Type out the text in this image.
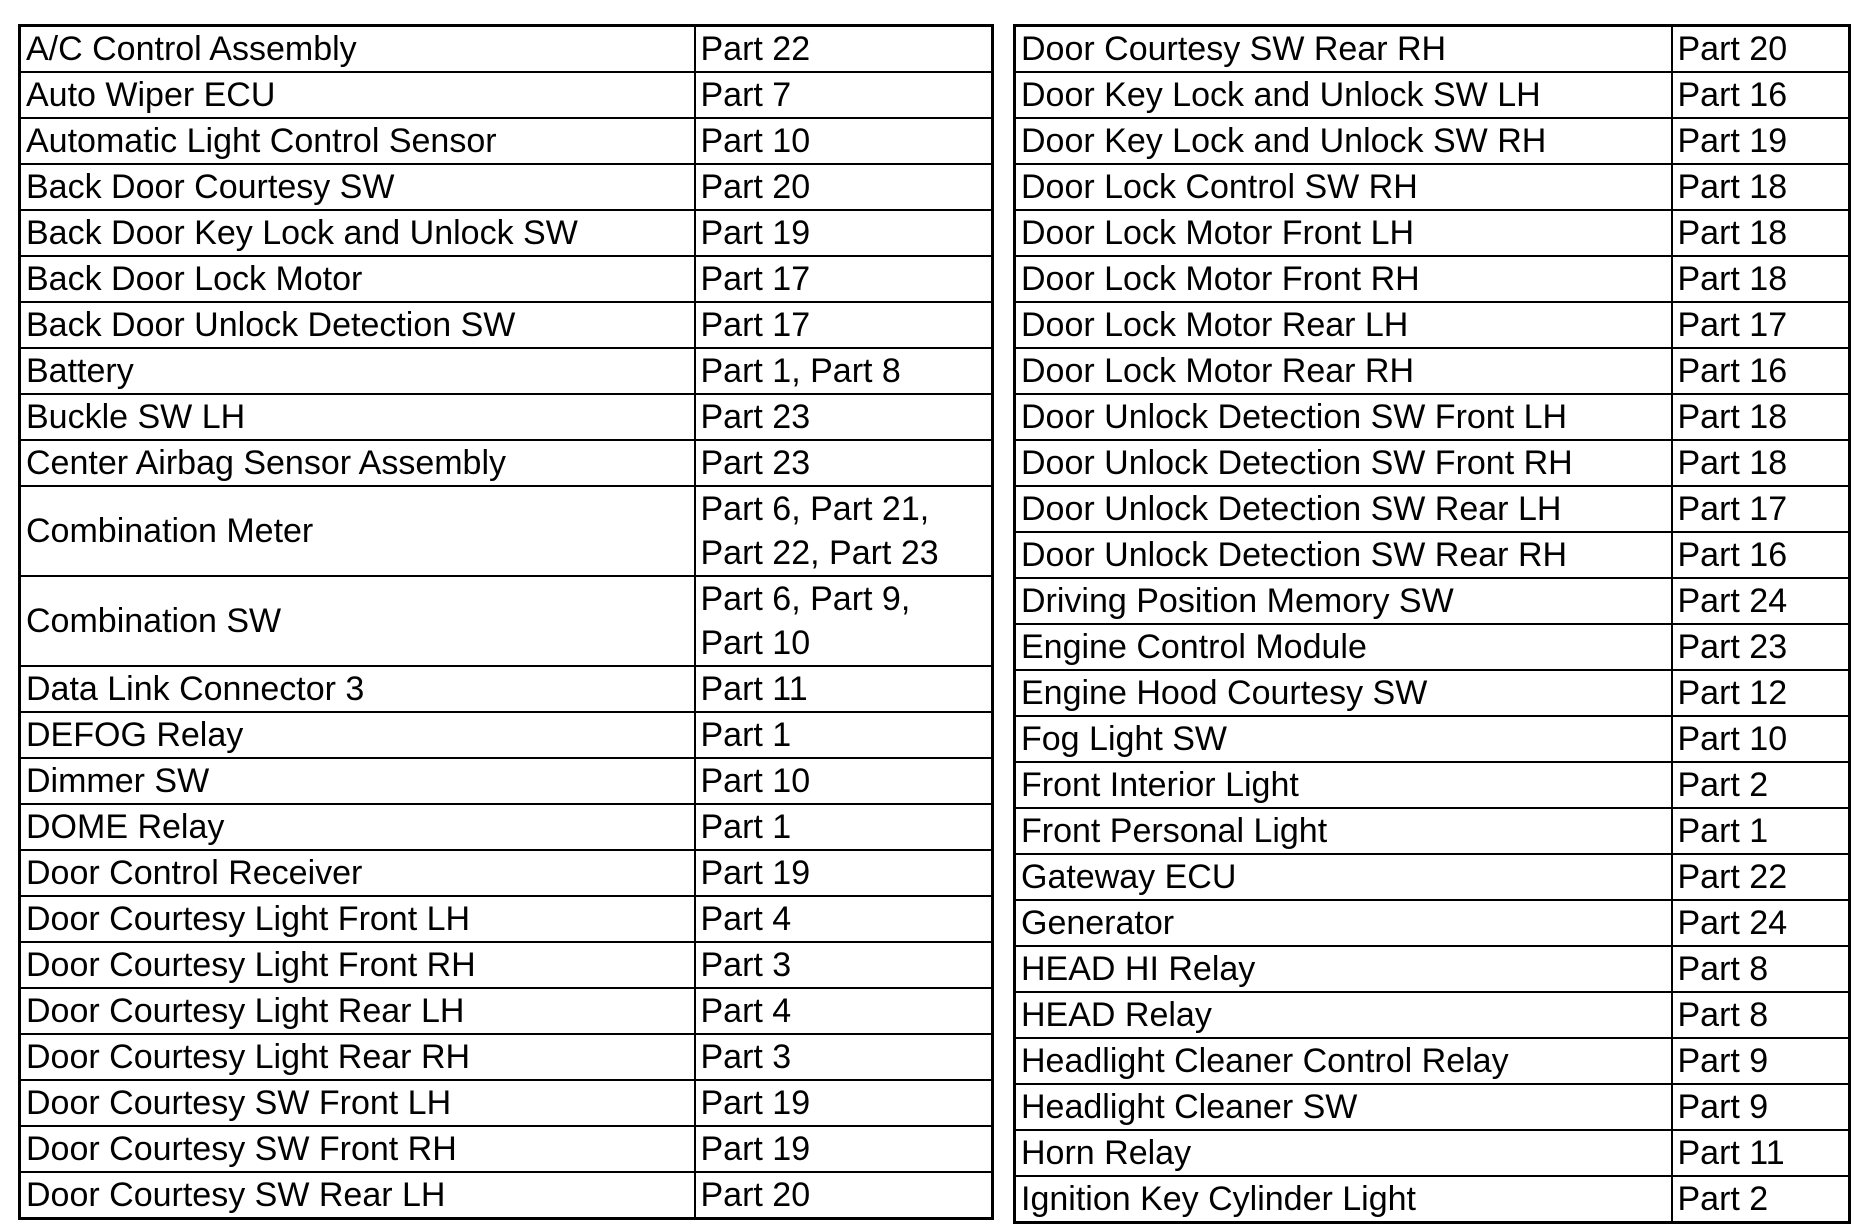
A/C Control Assembly	Part 22
Auto Wiper ECU	Part 7
Automatic Light Control Sensor	Part 10
Back Door Courtesy SW	Part 20
Back Door Key Lock and Unlock SW	Part 19
Back Door Lock Motor	Part 17
Back Door Unlock Detection SW	Part 17
Battery	Part 1, Part 8
Buckle SW LH	Part 23
Center Airbag Sensor Assembly	Part 23
Combination Meter	Part 6, Part 21,
Part 22, Part 23
Combination SW	Part 6, Part 9,
Part 10
Data Link Connector 3	Part 11
DEFOG Relay	Part 1
Dimmer SW	Part 10
DOME Relay	Part 1
Door Control Receiver	Part 19
Door Courtesy Light Front LH	Part 4
Door Courtesy Light Front RH	Part 3
Door Courtesy Light Rear LH	Part 4
Door Courtesy Light Rear RH	Part 3
Door Courtesy SW Front LH	Part 19
Door Courtesy SW Front RH	Part 19
Door Courtesy SW Rear LH	Part 20
Door Courtesy SW Rear RH	Part 20
Door Key Lock and Unlock SW LH	Part 16
Door Key Lock and Unlock SW RH	Part 19
Door Lock Control SW RH	Part 18
Door Lock Motor Front LH	Part 18
Door Lock Motor Front RH	Part 18
Door Lock Motor Rear LH	Part 17
Door Lock Motor Rear RH	Part 16
Door Unlock Detection SW Front LH	Part 18
Door Unlock Detection SW Front RH	Part 18
Door Unlock Detection SW Rear LH	Part 17
Door Unlock Detection SW Rear RH	Part 16
Driving Position Memory SW	Part 24
Engine Control Module	Part 23
Engine Hood Courtesy SW	Part 12
Fog Light SW	Part 10
Front Interior Light	Part 2
Front Personal Light	Part 1
Gateway ECU	Part 22
Generator	Part 24
HEAD HI Relay	Part 8
HEAD Relay	Part 8
Headlight Cleaner Control Relay	Part 9
Headlight Cleaner SW	Part 9
Horn Relay	Part 11
Ignition Key Cylinder Light	Part 2
